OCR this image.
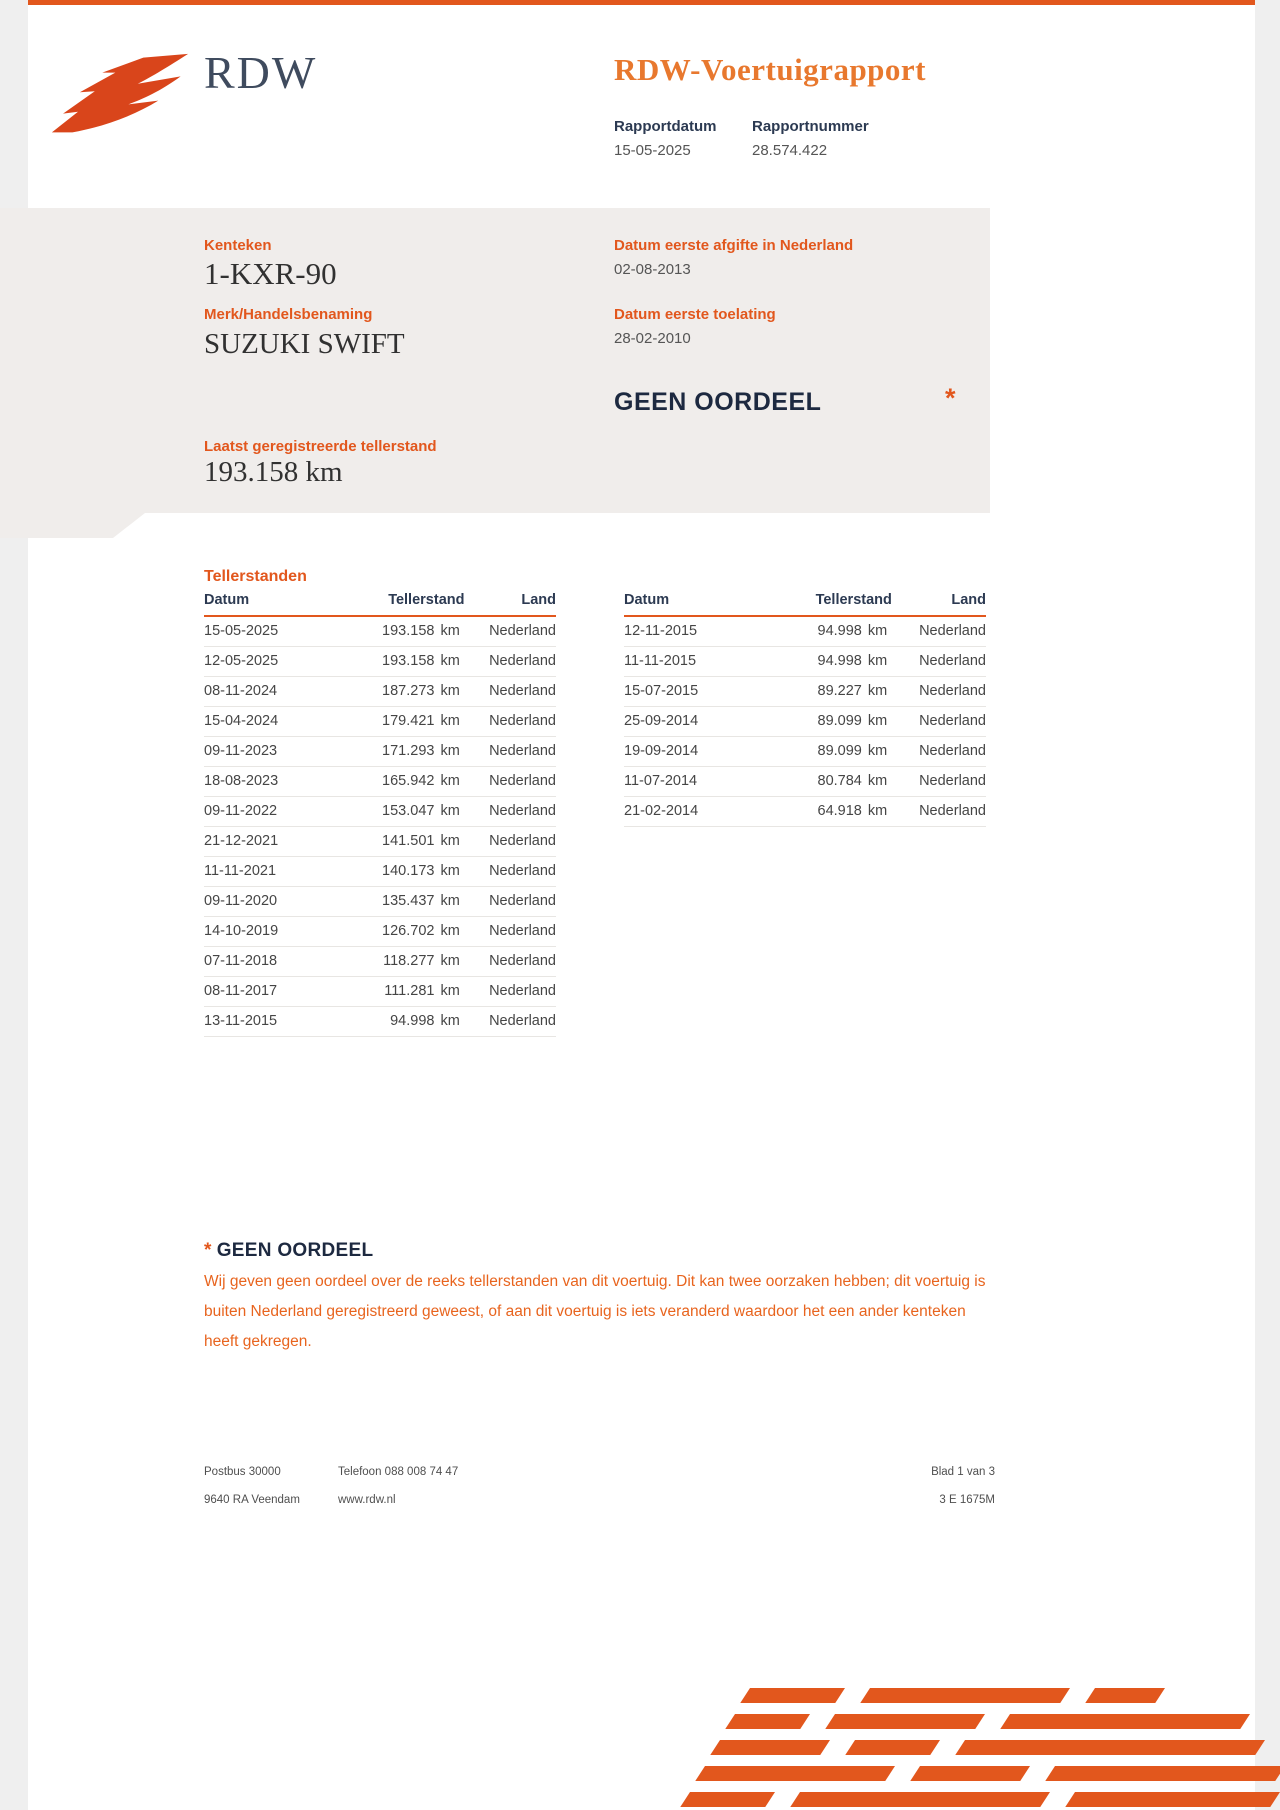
RDW	RDW-Voertuigrapport
Rapportdatum
15-05-2025
Rapportnummer
28.574.422
Kenteken
1-KXR-90
Merk/Handelsbenaming
SUZUKI SWIFT
Datum eerste afgifte in Nederland
02-08-2013
Datum eerste toelating
28-02-2010
GEEN OORDEEL	*
Laatst geregistreerde tellerstand
193.158 km
Tellerstanden
Datum	Tellerstand	Land
15-05-2025	193.158 km	Nederland
12-05-2025	193.158 km	Nederland
08-11-2024	187.273 km	Nederland
15-04-2024	179.421 km	Nederland
09-11-2023	171.293 km	Nederland
18-08-2023	165.942 km	Nederland
09-11-2022	153.047 km	Nederland
21-12-2021	141.501 km	Nederland
11-11-2021	140.173 km	Nederland
09-11-2020	135.437 km	Nederland
14-10-2019	126.702 km	Nederland
07-11-2018	118.277 km	Nederland
08-11-2017	111.281 km	Nederland
13-11-2015	94.998 km	Nederland
Datum	Tellerstand	Land
12-11-2015	94.998 km	Nederland
11-11-2015	94.998 km	Nederland
15-07-2015	89.227 km	Nederland
25-09-2014	89.099 km	Nederland
19-09-2014	89.099 km	Nederland
11-07-2014	80.784 km	Nederland
21-02-2014	64.918 km	Nederland
* GEEN OORDEEL
Wij geven geen oordeel over de reeks tellerstanden van dit voertuig. Dit kan twee oorzaken hebben; dit voertuig is buiten Nederland geregistreerd geweest, of aan dit voertuig is iets veranderd waardoor het een ander kenteken heeft gekregen.
Postbus 30000
9640 RA Veendam
Telefoon 088 008 74 47
www.rdw.nl
Blad 1 van 3
3 E 1675M
